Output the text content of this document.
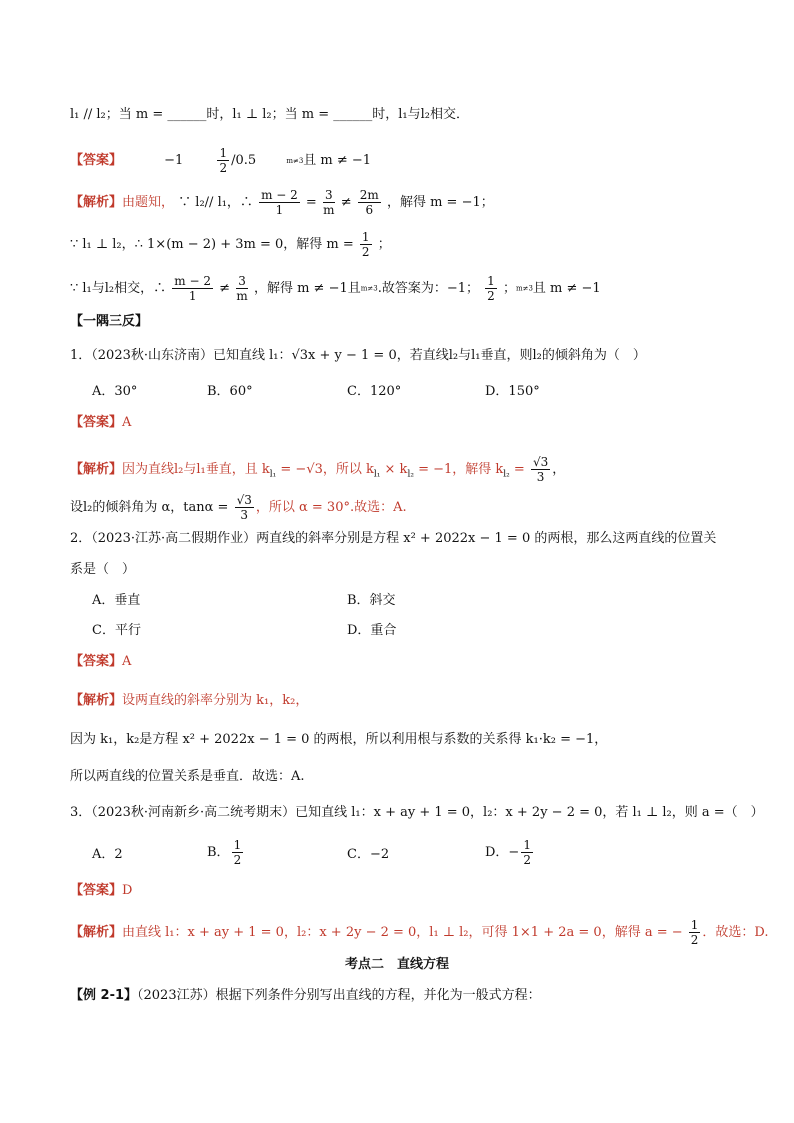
l₁ // l₂；当 m = ______时，l₁ ⊥ l₂；当 m = ______时，l₁与l₂相交．
【答案】	−1	$\frac{1}{2} /0.5$	m≠3且 m ≠ −1
【解析】由题知， ∵ l₂// l₁，∴ $\frac{m - 2}{1} = \frac{3}{m} \ne \frac{2m}{6}$ ，解得 m = −1；
∵ l₁ ⊥ l₂，∴ 1×(m − 2) + 3m = 0，解得 $m = \frac{1}{2}$ ；
∵ l₁与l₂相交，∴ $\frac{m - 2}{1} \ne \frac{3}{m}$ ，解得 m ≠ −1且m≠3.故答案为：−1； $\frac{1}{2}$ ；m≠3且 m ≠ −1
【一隅三反】
1．（2023秋·山东济南）已知直线 l₁：√3x + y − 1 = 0，若直线l₂与l₁垂直，则l₂的倾斜角为（　）
A．30°	B．60°	C．120°	D．150°
【答案】A
【解析】因为直线l₂与l₁垂直，且 $k_{l_1} = -√3$，所以 $k_{l_1} \times k_{l_2} = -1$，解得 $k_{l_2} = \frac{√3}{3}$ ，
设l₂的倾斜角为 α，$\tan\alpha = \frac{√3}{3}$ ，所以 α = 30°.故选：A.
2．（2023·江苏·高二假期作业）两直线的斜率分别是方程 x² + 2022x − 1 = 0 的两根，那么这两直线的位置关
系是（　）
A．垂直	B．斜交
C．平行	D．重合
【答案】A
【解析】设两直线的斜率分别为 k₁，k₂，
因为 k₁，k₂是方程 x² + 2022x − 1 = 0 的两根，所以利用根与系数的关系得 k₁·k₂ = −1，
所以两直线的位置关系是垂直．故选：A.
3．（2023秋·河南新乡·高二统考期末）已知直线 l₁：x + ay + 1 = 0，l₂：x + 2y − 2 = 0，若 l₁ ⊥ l₂，则 a =（　）
A．2	B． $\frac{1}{2}$	C．−2	D．− $\frac{1}{2}$
【答案】D
【解析】由直线 l₁：x + ay + 1 = 0，l₂：x + 2y − 2 = 0，l₁ ⊥ l₂，可得 1×1 + 2a = 0，解得 a = − $\frac{1}{2}$ ．故选：D.
考点二　直线方程
【例 2-1】（2023江苏）根据下列条件分别写出直线的方程，并化为一般式方程：
